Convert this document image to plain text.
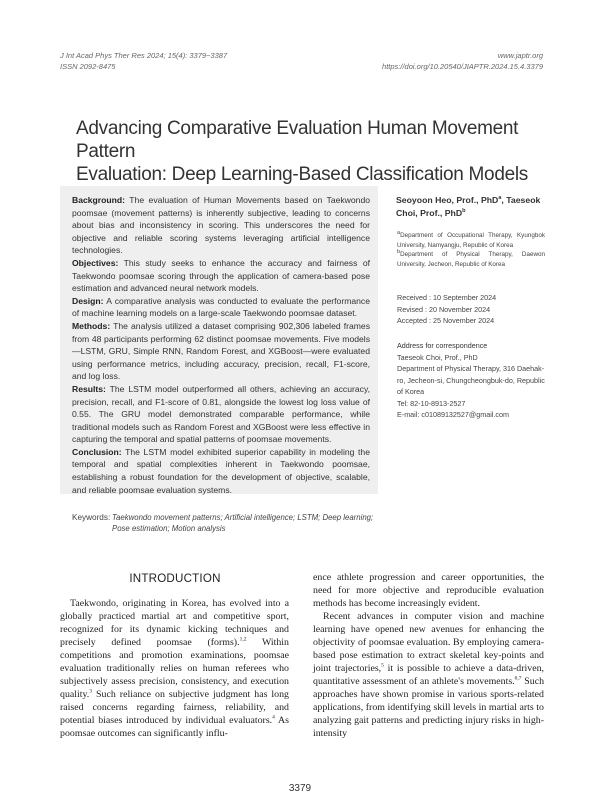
J Int Acad Phys Ther Res 2024; 15(4): 3379~3387
ISSN 2092-8475
www.japtr.org
https://doi.org/10.20540/JIAPTR.2024.15.4.3379
Advancing Comparative Evaluation Human Movement Pattern
Evaluation: Deep Learning-Based Classification Models

Background: The evaluation of Human Movements based on Taekwondo poomsae (movement patterns) is inherently subjective, leading to concerns about bias and inconsistency in scoring. This underscores the need for objective and reliable scoring systems leveraging artificial intelligence technologies.

Objectives: This study seeks to enhance the accuracy and fairness of Taekwondo poomsae scoring through the application of camera-based pose estimation and advanced neural network models.

Design: A comparative analysis was conducted to evaluate the performance of machine learning models on a large-scale Taekwondo poomsae dataset.

Methods: The analysis utilized a dataset comprising 902,306 labeled frames from 48 participants performing 62 distinct poomsae movements. Five models—LSTM, GRU, Simple RNN, Random Forest, and XGBoost—were evaluated using performance metrics, including accuracy, precision, recall, F1-score, and log loss.

Results: The LSTM model outperformed all others, achieving an accuracy, precision, recall, and F1-score of 0.81, alongside the lowest log loss value of 0.55. The GRU model demonstrated comparable performance, while traditional models such as Random Forest and XGBoost were less effective in capturing the temporal and spatial patterns of poomsae movements.

Conclusion: The LSTM model exhibited superior capability in modeling the temporal and spatial complexities inherent in Taekwondo poomsae, establishing a robust foundation for the development of objective, scalable, and reliable poomsae evaluation systems.

Keywords: Taekwondo movement patterns; Artificial intelligence; LSTM; Deep learning; Pose estimation; Motion analysis
Seoyoon Heo, Prof., PhD$^a$, Taeseok Choi, Prof., PhD$^b$

aDepartment of Occupational Therapy, Kyungbok University, Namyangju, Republic of Korea

bDepartment of Physical Therapy, Daewon University, Jecheon, Republic of Korea

Received : 10 September 2024

Revised : 20 November 2024

Accepted : 25 November 2024

Address for correspondence

Taeseok Choi, Prof., PhD

Department of Physical Therapy, 316 Daehak-ro, Jecheon-si, Chungcheongbuk-do, Republic of Korea

Tel: 82-10-8913-2527

E-mail: c01089132527@gmail.com

INTRODUCTION

Taekwondo, originating in Korea, has evolved into a globally practiced martial art and competitive sport, recognized for its dynamic kicking techniques and precisely defined poomsae (forms).$^{1,2}$ Within competitions and promotion examinations, poomsae evaluation traditionally relies on human referees who subjectively assess precision, consistency, and execution quality.$^3$ Such reliance on subjective judgment has long raised concerns regarding fairness, reliability, and potential biases introduced by individual evaluators.$^4$ As poomsae outcomes can significantly influ-

ence athlete progression and career opportunities, the need for more objective and reproducible evaluation methods has become increasingly evident.

Recent advances in computer vision and machine learning have opened new avenues for enhancing the objectivity of poomsae evaluation. By employing camera-based pose estimation to extract skeletal key-points and joint trajectories,$^5$ it is possible to achieve a data-driven, quantitative assessment of an athlete's movements.$^{6,7}$ Such approaches have shown promise in various sports-related applications, from identifying skill levels in martial arts to analyzing gait patterns and predicting injury risks in high-intensity

3379
